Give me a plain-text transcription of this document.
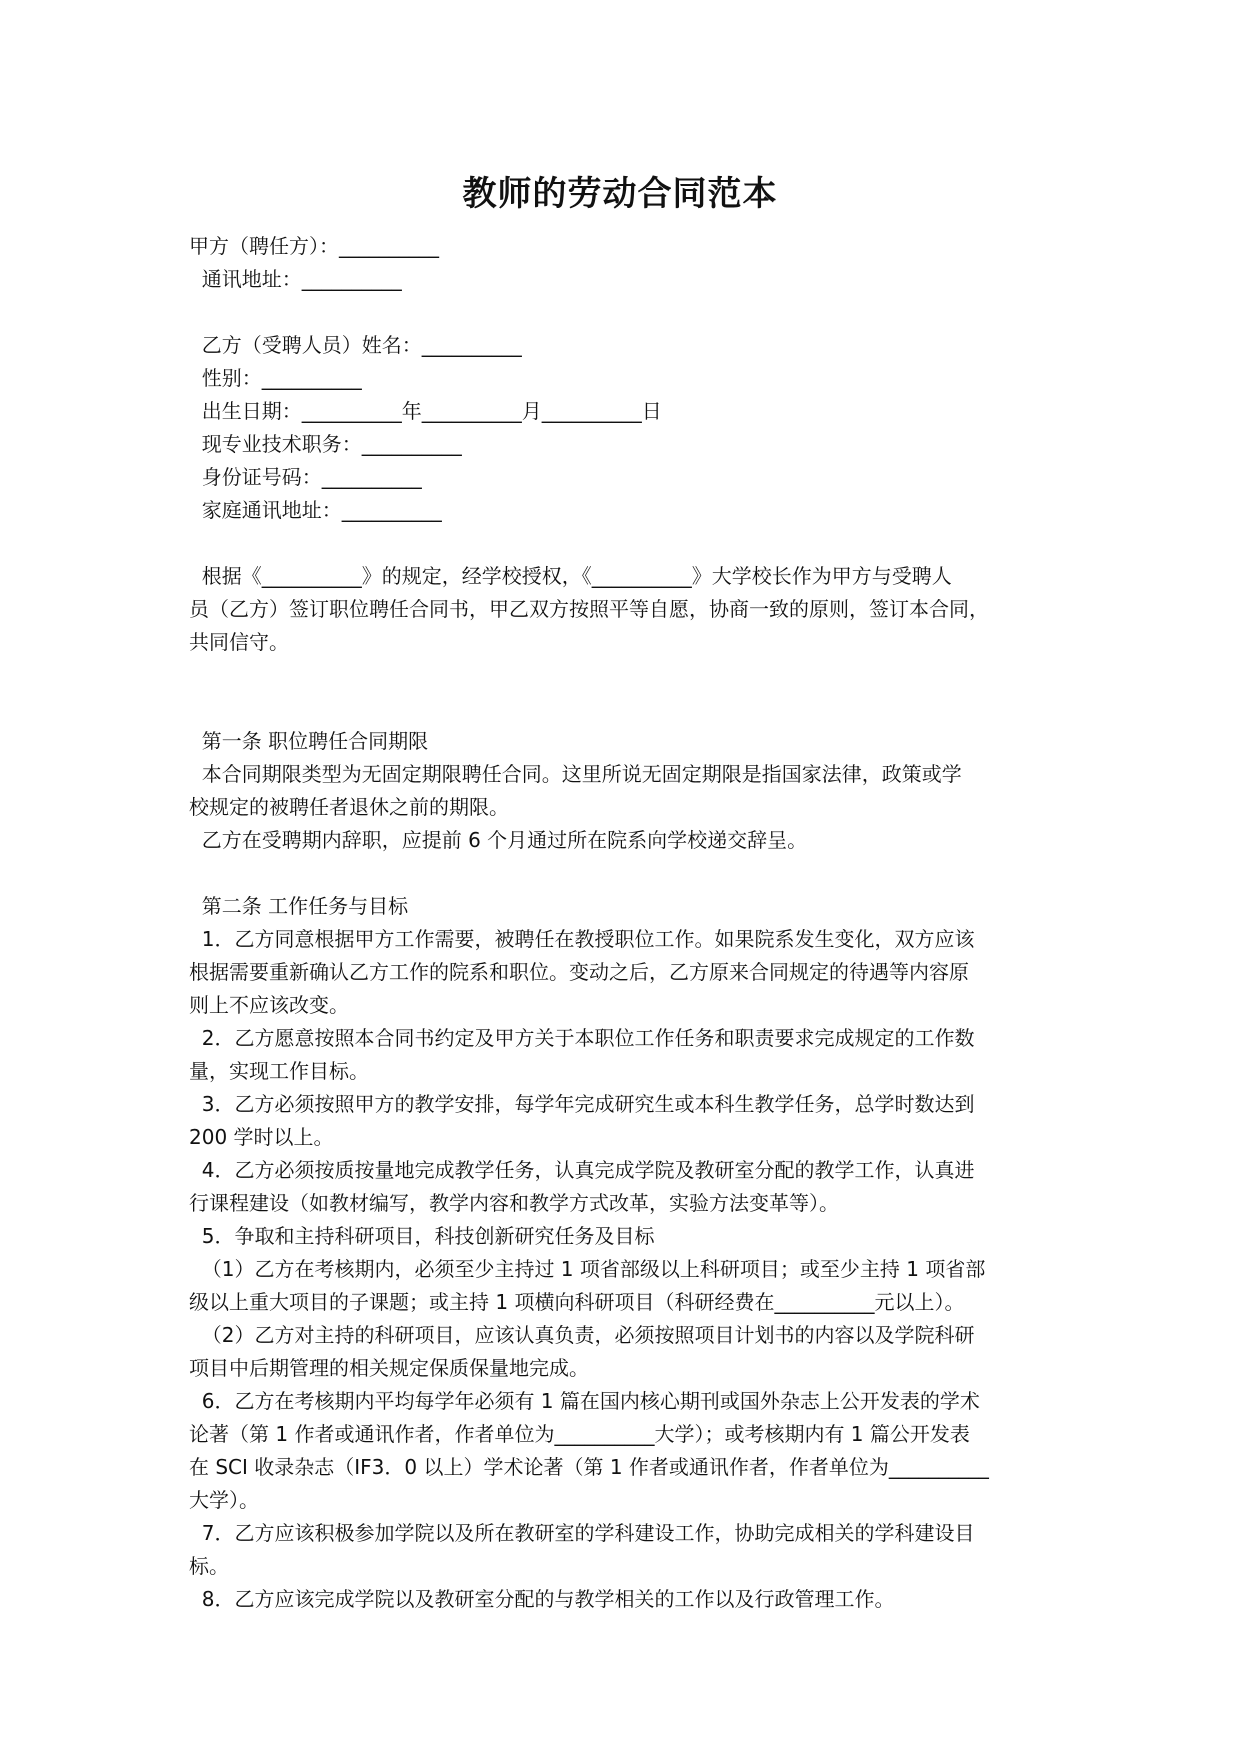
教师的劳动合同范本
甲方（聘任方）：__________
通讯地址：__________
乙方（受聘人员）姓名：__________
性别：__________
出生日期：__________年__________月__________日
现专业技术职务：__________
身份证号码：__________
家庭通讯地址：__________
根据《__________》的规定，经学校授权，《__________》大学校长作为甲方与受聘人
员（乙方）签订职位聘任合同书，甲乙双方按照平等自愿，协商一致的原则，签订本合同，
共同信守。
第一条 职位聘任合同期限
本合同期限类型为无固定期限聘任合同。这里所说无固定期限是指国家法律，政策或学
校规定的被聘任者退休之前的期限。
乙方在受聘期内辞职，应提前 6 个月通过所在院系向学校递交辞呈。
第二条 工作任务与目标
1．乙方同意根据甲方工作需要，被聘任在教授职位工作。如果院系发生变化，双方应该
根据需要重新确认乙方工作的院系和职位。变动之后，乙方原来合同规定的待遇等内容原
则上不应该改变。
2．乙方愿意按照本合同书约定及甲方关于本职位工作任务和职责要求完成规定的工作数
量，实现工作目标。
3．乙方必须按照甲方的教学安排，每学年完成研究生或本科生教学任务，总学时数达到
200 学时以上。
4．乙方必须按质按量地完成教学任务，认真完成学院及教研室分配的教学工作，认真进
行课程建设（如教材编写，教学内容和教学方式改革，实验方法变革等）。
5．争取和主持科研项目，科技创新研究任务及目标
（1）乙方在考核期内，必须至少主持过 1 项省部级以上科研项目；或至少主持 1 项省部
级以上重大项目的子课题；或主持 1 项横向科研项目（科研经费在__________元以上）。
（2）乙方对主持的科研项目，应该认真负责，必须按照项目计划书的内容以及学院科研
项目中后期管理的相关规定保质保量地完成。
6．乙方在考核期内平均每学年必须有 1 篇在国内核心期刊或国外杂志上公开发表的学术
论著（第 1 作者或通讯作者，作者单位为__________大学）；或考核期内有 1 篇公开发表
在 SCI 收录杂志（IF3．0 以上）学术论著（第 1 作者或通讯作者，作者单位为__________
大学）。
7．乙方应该积极参加学院以及所在教研室的学科建设工作，协助完成相关的学科建设目
标。
8．乙方应该完成学院以及教研室分配的与教学相关的工作以及行政管理工作。
